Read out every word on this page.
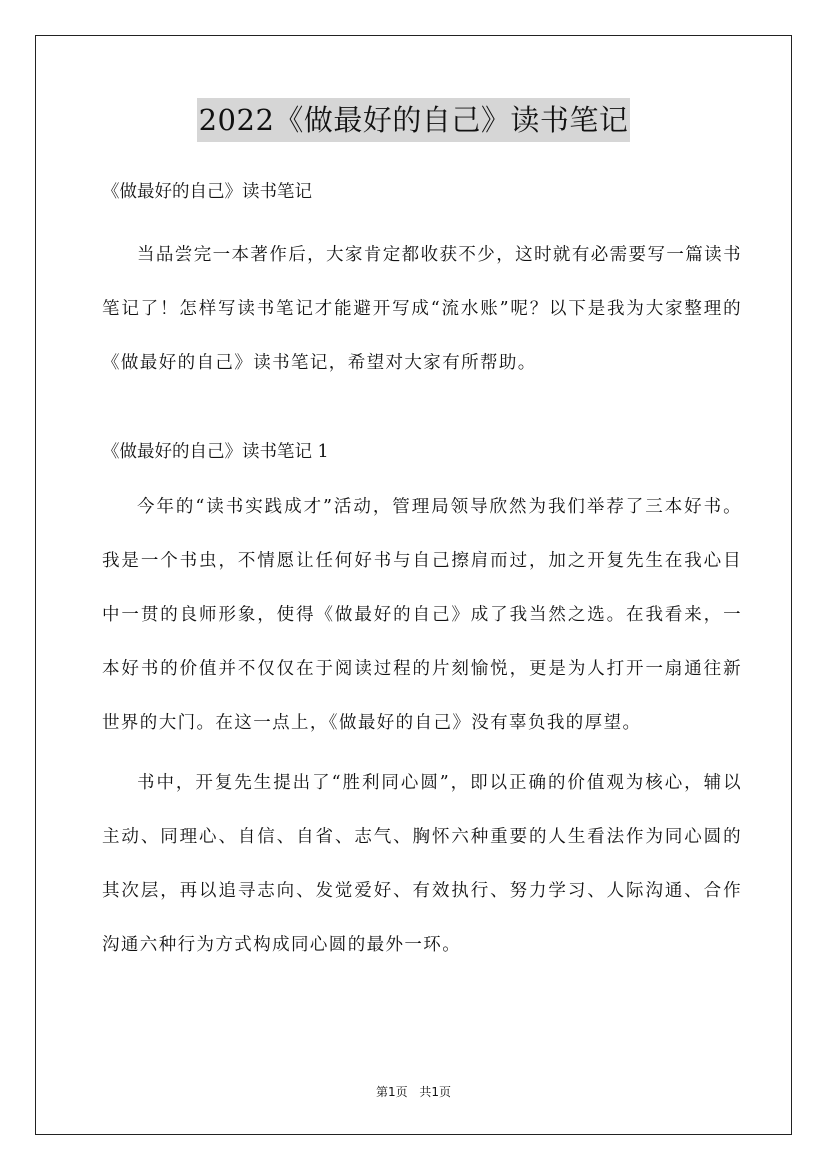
2022《做最好的自己》读书笔记

《做最好的自己》读书笔记

当品尝完一本著作后，大家肯定都收获不少，这时就有必需要写一篇读书笔记了！怎样写读书笔记才能避开写成“流水账”呢？以下是我为大家整理的《做最好的自己》读书笔记，希望对大家有所帮助。

《做最好的自己》读书笔记 1

今年的“读书实践成才”活动，管理局领导欣然为我们举荐了三本好书。我是一个书虫，不情愿让任何好书与自己擦肩而过，加之开复先生在我心目中一贯的良师形象，使得《做最好的自己》成了我当然之选。在我看来，一本好书的价值并不仅仅在于阅读过程的片刻愉悦，更是为人打开一扇通往新世界的大门。在这一点上，《做最好的自己》没有辜负我的厚望。

书中，开复先生提出了“胜利同心圆”，即以正确的价值观为核心，辅以主动、同理心、自信、自省、志气、胸怀六种重要的人生看法作为同心圆的其次层，再以追寻志向、发觉爱好、有效执行、努力学习、人际沟通、合作沟通六种行为方式构成同心圆的最外一环。

第1页 共1页
